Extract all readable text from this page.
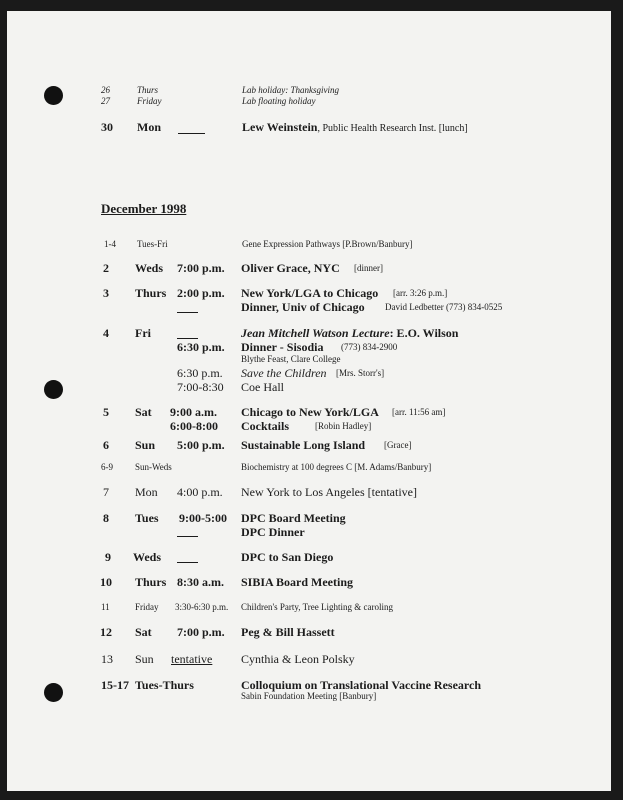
26	Thurs	Lab holiday: Thanksgiving
27	Friday	Lab floating holiday
30 Mon	Lew Weinstein, Public Health Research Inst. [lunch]
December 1998
1-4 Tues-Fri	Gene Expression Pathways [P.Brown/Banbury]
2 Weds 7:00 p.m. Oliver Grace, NYC [dinner]
3 Thurs 2:00 p.m. New York/LGA to Chicago [arr. 3:26 p.m.]
Dinner, Univ of Chicago David Ledbetter (773) 834-0525
4 Fri	Jean Mitchell Watson Lecture: E.O. Wilson
6:30 p.m. Dinner - Sisodia (773) 834-2900
Blythe Feast, Clare College
6:30 p.m. Save the Children [Mrs. Storr's]
7:00-8:30 Coe Hall
5 Sat 9:00 a.m. Chicago to New York/LGA [arr. 11:56 am]
6:00-8:00 Cocktails	[Robin Hadley]
6 Sun 5:00 p.m. Sustainable Long Island [Grace]
6-9 Sun-Weds	Biochemistry at 100 degrees C [M. Adams/Banbury]
7 Mon 4:00 p.m. New York to Los Angeles [tentative]
8 Tues 9:00-5:00 DPC Board Meeting
DPC Dinner
9 Weds	DPC to San Diego
10 Thurs 8:30 a.m. SIBIA Board Meeting
11	Friday 3:30-6:30 p.m. Children's Party, Tree Lighting & caroling
12 Sat 7:00 p.m. Peg & Bill Hassett
13 Sun tentative Cynthia & Leon Polsky
15-17 Tues-Thurs	Colloquium on Translational Vaccine Research
Sabin Foundation Meeting [Banbury]
